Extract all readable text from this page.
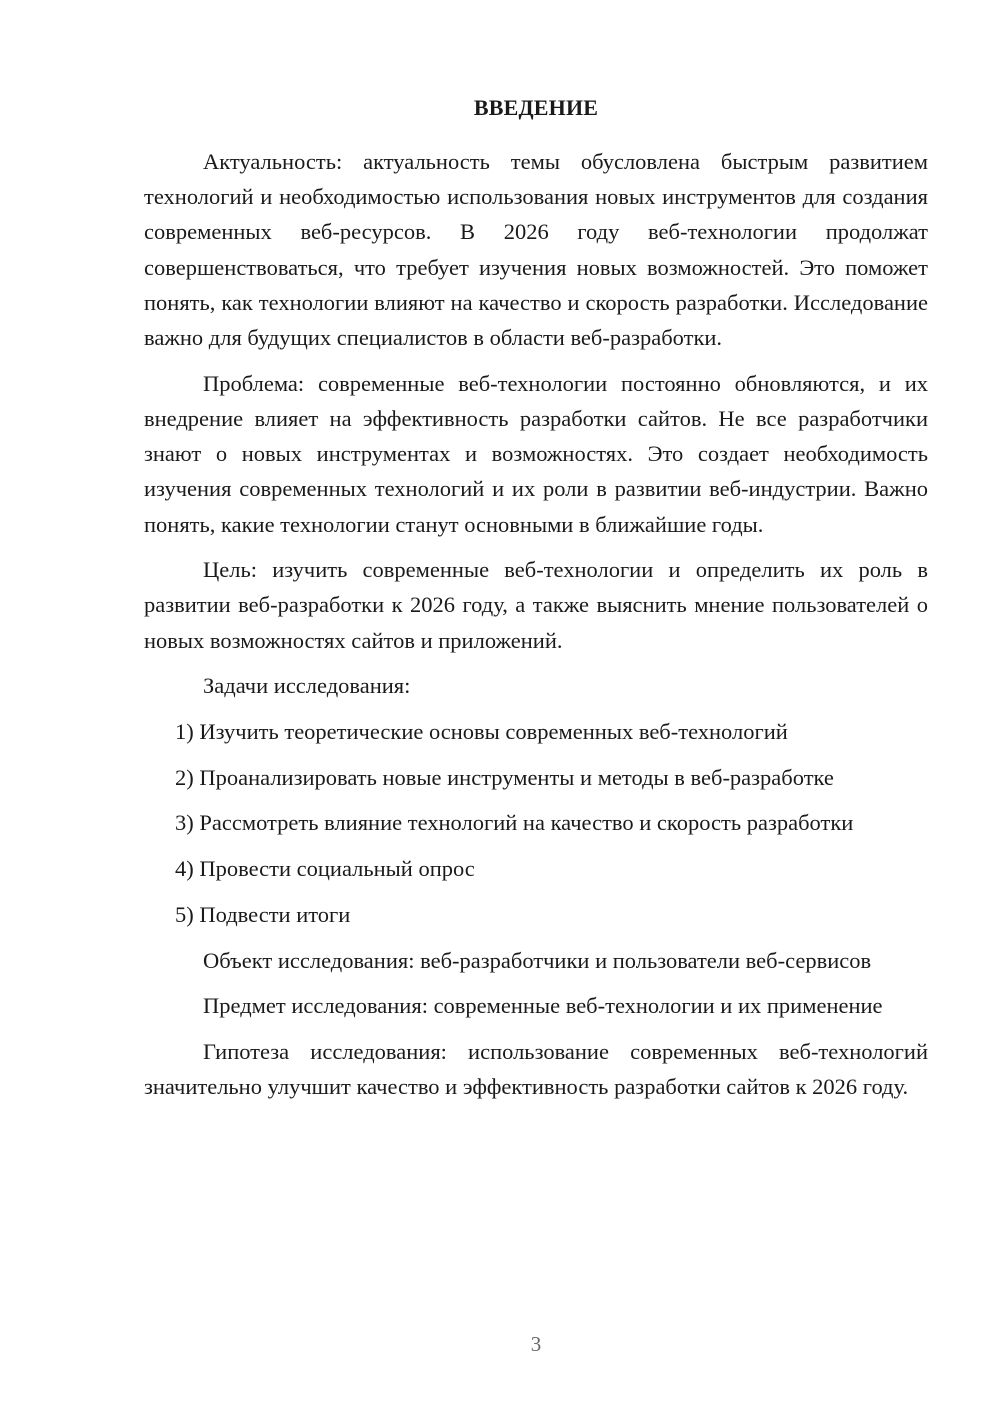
ВВЕДЕНИЕ

Актуальность: актуальность темы обусловлена быстрым развитием технологий и необходимостью использования новых инструментов для создания современных веб-ресурсов. В 2026 году веб-технологии продолжат совершенствоваться, что требует изучения новых возможностей. Это поможет понять, как технологии влияют на качество и скорость разработки. Исследование важно для будущих специалистов в области веб-разработки.

Проблема: современные веб-технологии постоянно обновляются, и их внедрение влияет на эффективность разработки сайтов. Не все разработчики знают о новых инструментах и возможностях. Это создает необходимость изучения современных технологий и их роли в развитии веб-индустрии. Важно понять, какие технологии станут основными в ближайшие годы.

Цель: изучить современные веб-технологии и определить их роль в развитии веб-разработки к 2026 году, а также выяснить мнение пользователей о новых возможностях сайтов и приложений.

Задачи исследования:

1) Изучить теоретические основы современных веб-технологий
2) Проанализировать новые инструменты и методы в веб-разработке
3) Рассмотреть влияние технологий на качество и скорость разработки
4) Провести социальный опрос
5) Подвести итоги

Объект исследования: веб-разработчики и пользователи веб-сервисов

Предмет исследования: современные веб-технологии и их применение

Гипотеза исследования: использование современных веб-технологий значительно улучшит качество и эффективность разработки сайтов к 2026 году.

3
